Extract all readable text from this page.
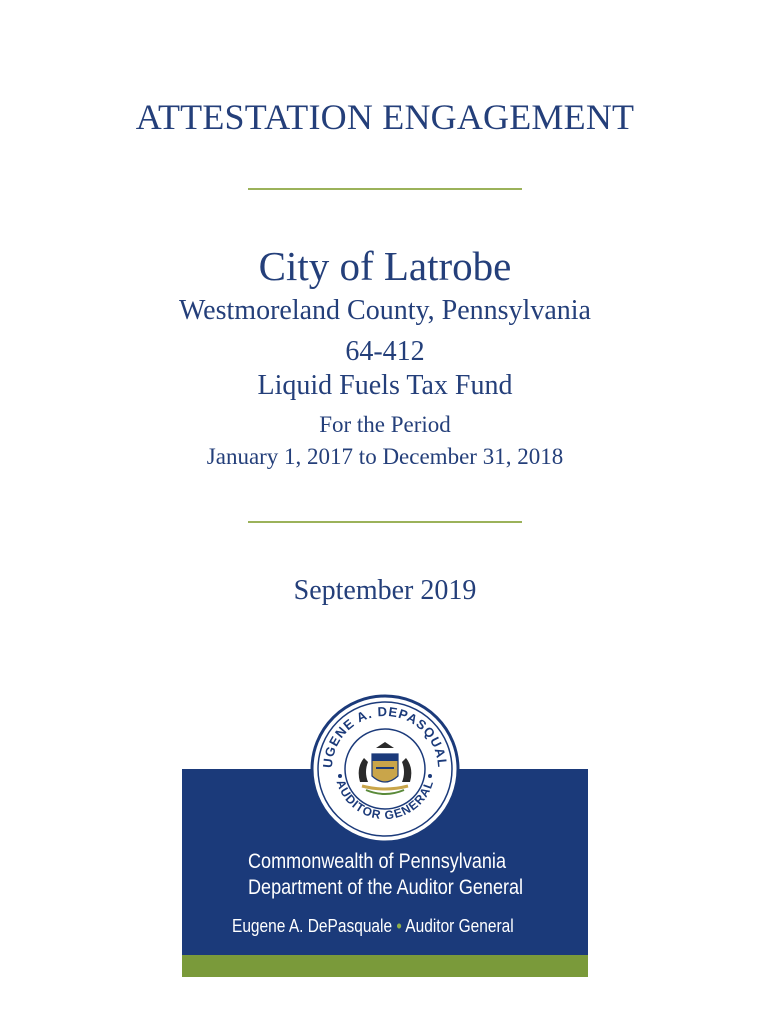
ATTESTATION ENGAGEMENT
City of Latrobe
Westmoreland County, Pennsylvania
64-412
Liquid Fuels Tax Fund
For the Period
January 1, 2017 to December 31, 2018
September 2019
UGENE A. DEPASQUAL
AUDITOR GENERAL
Commonwealth of Pennsylvania
Department of the Auditor General
Eugene A. DePasquale • Auditor General
